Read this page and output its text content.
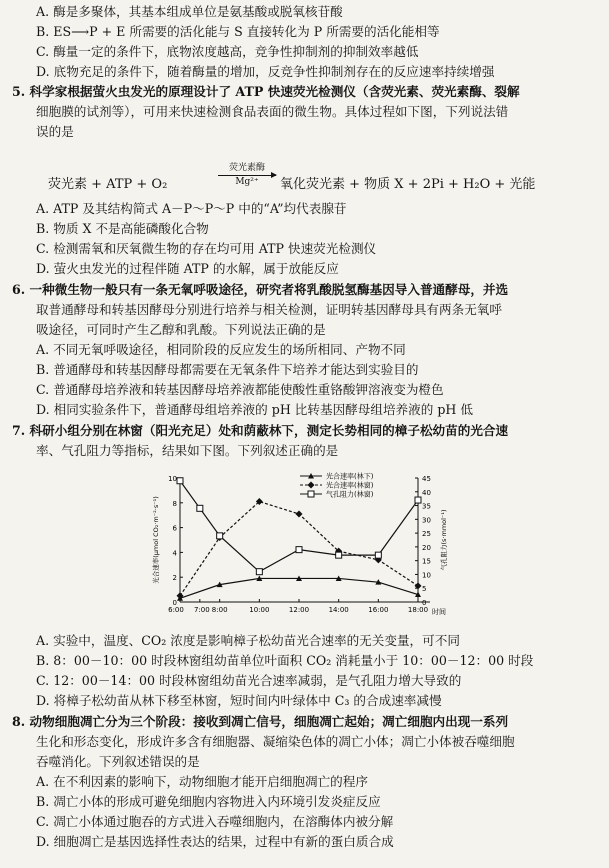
A. 酶是多聚体，其基本组成单位是氨基酸或脱氧核苷酸
B. ES⟶P + E 所需要的活化能与 S 直接转化为 P 所需要的活化能相等
C. 酶量一定的条件下，底物浓度越高，竞争性抑制剂的抑制效率越低
D. 底物充足的条件下，随着酶量的增加，反竞争性抑制剂存在的反应速率持续增强
5. 科学家根据萤火虫发光的原理设计了 ATP 快速荧光检测仪（含荧光素、荧光素酶、裂解
细胞膜的试剂等），可用来快速检测食品表面的微生物。具体过程如下图，下列说法错
误的是
A. ATP 及其结构简式 A－P～P～P 中的“A”均代表腺苷
B. 物质 X 不是高能磷酸化合物
C. 检测需氧和厌氧微生物的存在均可用 ATP 快速荧光检测仪
D. 萤火虫发光的过程伴随 ATP 的水解，属于放能反应
6. 一种微生物一般只有一条无氧呼吸途径，研究者将乳酸脱氢酶基因导入普通酵母，并选
取普通酵母和转基因酵母分别进行培养与相关检测，证明转基因酵母具有两条无氧呼
吸途径，可同时产生乙醇和乳酸。下列说法正确的是
A. 不同无氧呼吸途径，相同阶段的反应发生的场所相同、产物不同
B. 普通酵母和转基因酵母都需要在无氧条件下培养才能达到实验目的
C. 普通酵母培养液和转基因酵母培养液都能使酸性重铬酸钾溶液变为橙色
D. 相同实验条件下，普通酵母组培养液的 pH 比转基因酵母组培养液的 pH 低
7. 科研小组分别在林窗（阳光充足）处和荫蔽林下，测定长势相同的樟子松幼苗的光合速
率、气孔阻力等指标，结果如下图。下列叙述正确的是
A. 实验中，温度、CO₂ 浓度是影响樟子松幼苗光合速率的无关变量，可不同
B. 8：00－10：00 时段林窗组幼苗单位叶面积 CO₂ 消耗量小于 10：00－12：00 时段
C. 12：00－14：00 时段林窗组幼苗光合速率减弱，是气孔阻力增大导致的
D. 将樟子松幼苗从林下移至林窗，短时间内叶绿体中 C₃ 的合成速率减慢
8. 动物细胞凋亡分为三个阶段：接收到凋亡信号，细胞凋亡起始；凋亡细胞内出现一系列
生化和形态变化，形成许多含有细胞器、凝缩染色体的凋亡小体；凋亡小体被吞噬细胞
吞噬消化。下列叙述错误的是
A. 在不利因素的影响下，动物细胞才能开启细胞凋亡的程序
B. 凋亡小体的形成可避免细胞内容物进入内环境引发炎症反应
C. 凋亡小体通过胞吞的方式进入吞噬细胞内，在溶酶体内被分解
D. 细胞凋亡是基因选择性表达的结果，过程中有新的蛋白质合成
荧光素 + ATP + O₂
荧光素酶
Mg²⁺	氧化荧光素 + 物质 X + 2Pi + H₂O + 光能
0
2
4
6
8
10
0
5
10
15
20
25
30
35
40
45
6:00 7:00 8:00	10:00	12:00	14:00	16:00	18:00 时间
光合速率(μmol CO₂·m⁻²·s⁻¹)	气孔阻力(s·mmol⁻¹)
光合速率(林下)
光合速率(林窗)
气孔阻力(林窗)
